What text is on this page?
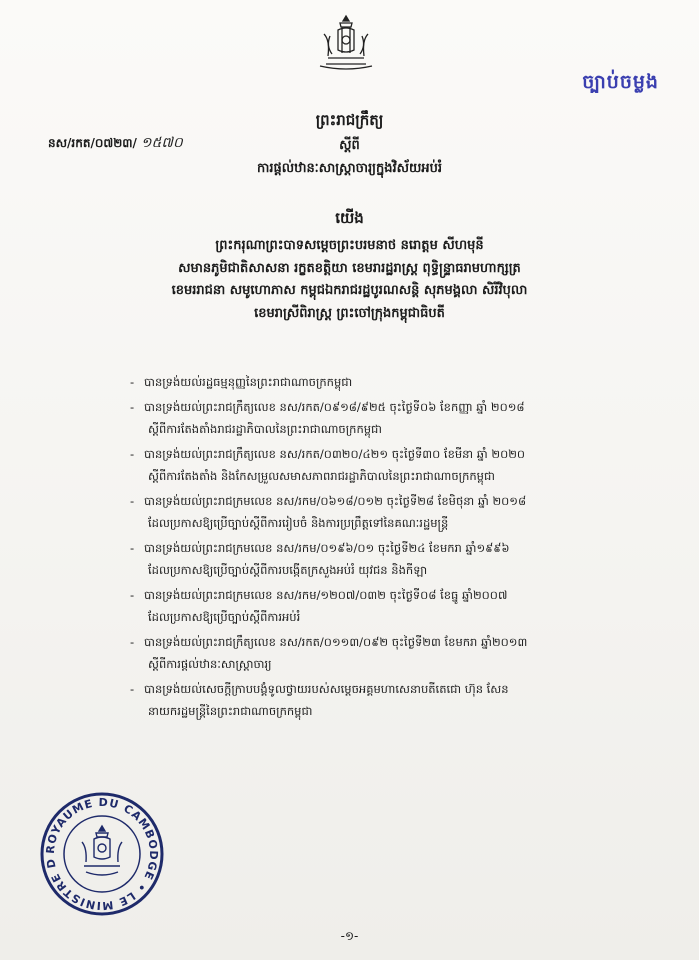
ច្បាប់ចម្លង
ព្រះរាជក្រឹត្យ
នស/រកត/០៧២៣/ ១៥៧០	ស្ដីពី
ការផ្ដល់ឋានៈសាស្ត្រាចារ្យក្នុងវិស័យអប់រំ
យើង
ព្រះករុណាព្រះបាទសម្ដេចព្រះបរមនាថ នរោត្ដម សីហមុនី
សមានភូមិជាតិសាសនា រក្ខតខត្តិយា ខេមរារដ្ឋរាស្ត្រ ពុទ្ធិន្ទ្រាធរាមហាក្សត្រ
ខេមររាជនា សមូហោភាស កម្ពុជឯករាជរដ្ឋបូរណសន្តិ សុភមង្គលា សិរីវិបុលា
ខេមរាស្រីពិរាស្ត្រ ព្រះចៅក្រុងកម្ពុជាធិបតី
- បានទ្រង់យល់រដ្ឋធម្មនុញ្ញនៃព្រះរាជាណាចក្រកម្ពុជា
- បានទ្រង់យល់ព្រះរាជក្រឹត្យលេខ នស/រកត/០៩១៨/៩២៥ ចុះថ្ងៃទី០៦ ខែកញ្ញា ឆ្នាំ ២០១៨
ស្ដីពីការតែងតាំងរាជរដ្ឋាភិបាលនៃព្រះរាជាណាចក្រកម្ពុជា
- បានទ្រង់យល់ព្រះរាជក្រឹត្យលេខ នស/រកត/០៣២០/៤២១ ចុះថ្ងៃទី៣០ ខែមីនា ឆ្នាំ ២០២០
ស្ដីពីការតែងតាំង និងកែសម្រួលសមាសភាពរាជរដ្ឋាភិបាលនៃព្រះរាជាណាចក្រកម្ពុជា
- បានទ្រង់យល់ព្រះរាជក្រមលេខ នស/រកម/០៦១៨/០១២ ចុះថ្ងៃទី២៨ ខែមិថុនា ឆ្នាំ ២០១៨
ដែលប្រកាសឱ្យប្រើច្បាប់ស្ដីពីការរៀបចំ និងការប្រព្រឹត្តទៅនៃគណៈរដ្ឋមន្ត្រី
- បានទ្រង់យល់ព្រះរាជក្រមលេខ នស/រកម/០១៩៦/០១ ចុះថ្ងៃទី២៤ ខែមករា ឆ្នាំ១៩៩៦
ដែលប្រកាសឱ្យប្រើច្បាប់ស្ដីពីការបង្កើតក្រសួងអប់រំ យុវជន និងកីឡា
- បានទ្រង់យល់ព្រះរាជក្រមលេខ នស/រកម/១២០៧/០៣២ ចុះថ្ងៃទី០៨ ខែធ្នូ ឆ្នាំ២០០៧
ដែលប្រកាសឱ្យប្រើច្បាប់ស្ដីពីការអប់រំ
- បានទ្រង់យល់ព្រះរាជក្រឹត្យលេខ នស/រកត/០១១៣/០៩២ ចុះថ្ងៃទី២៣ ខែមករា ឆ្នាំ២០១៣
ស្ដីពីការផ្ដល់ឋានៈសាស្ត្រាចារ្យ
- បានទ្រង់យល់សេចក្ដីក្រាបបង្គំទូលថ្វាយរបស់សម្ដេចអគ្គមហាសេនាបតីតេជោ ហ៊ុន សែន
នាយករដ្ឋមន្ត្រីនៃព្រះរាជាណាចក្រកម្ពុជា
ROYAUME DU CAMBODGE • LE MINISTRE D
-១-
